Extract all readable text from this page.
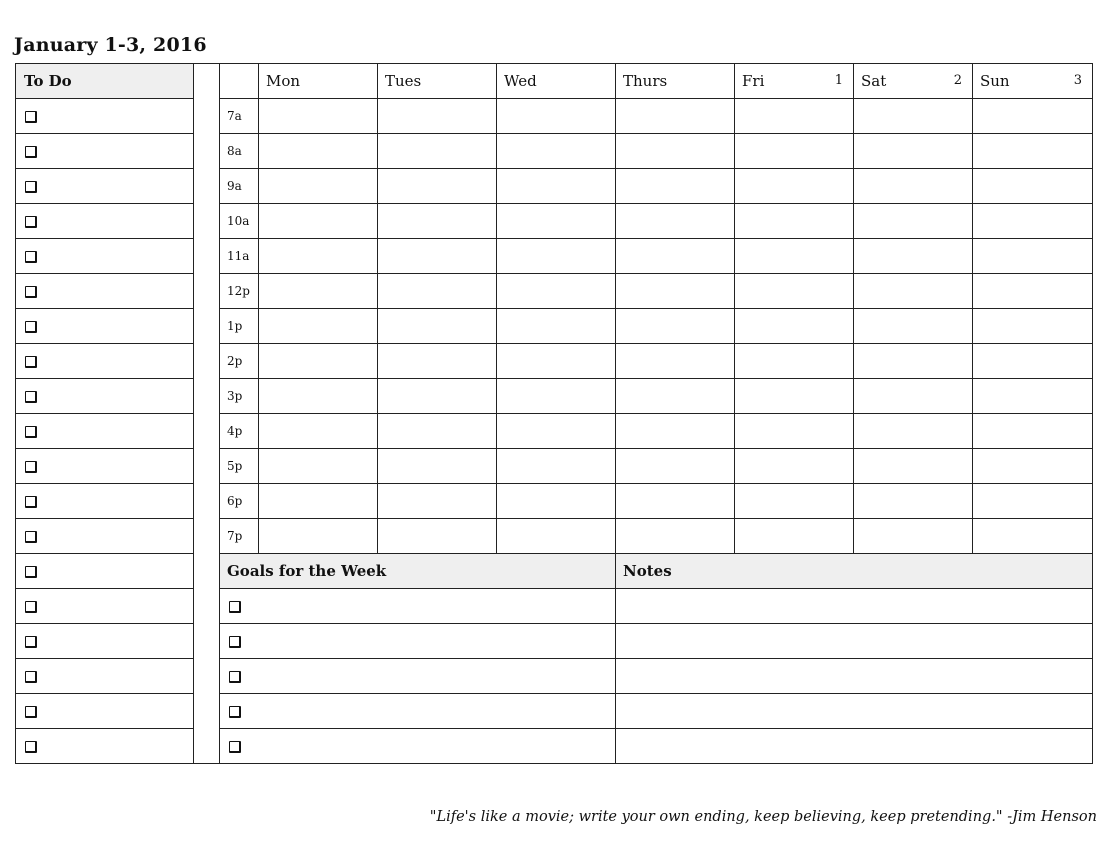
January 1-3, 2016
To Do			Mon	Tues	Wed	Thurs	Fri 1	Sat 2	Sun 3

		7a							
		8a							
		9a							
		10a							
		11a							
		12p							
		1p							
		2p							
		3p							
		4p							
		5p							
		6p							
		7p							
		Goals for the Week				Notes			

"Life's like a movie; write your own ending, keep believing, keep pretending." -Jim Henson
